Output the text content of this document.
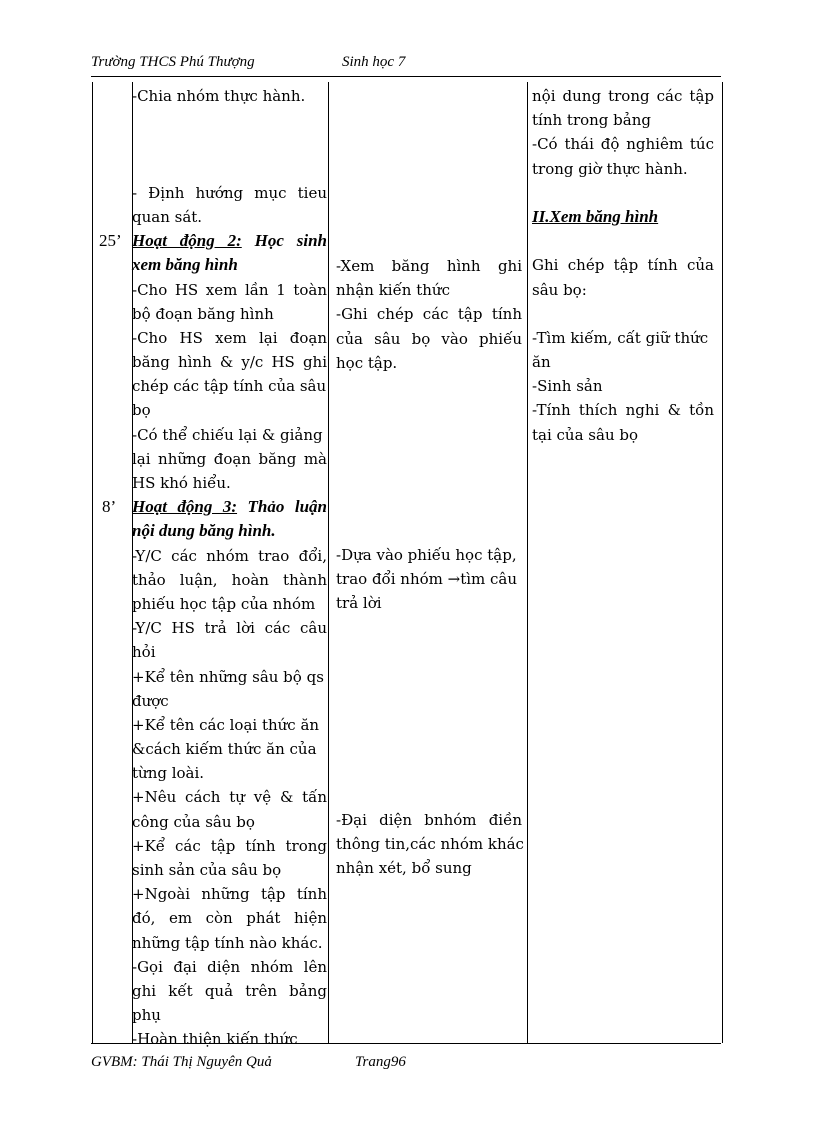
Trường THCS Phú Thượng	Sinh học 7
25’
8’
-Chia nhóm thực hành.
- Định hướng mục tieu
quan sát.
Hoạt động 2: Học sinh
xem băng hình
-Cho HS xem lần 1 toàn
bộ đoạn băng hình
-Cho HS xem lại đoạn
băng hình & y/c HS ghi
chép các tập tính của sâu
bọ
-Có thể chiếu lại & giảng
lại những đoạn băng mà
HS khó hiểu.
Hoạt động 3: Thảo luận
nội dung băng hình.
-Y/C các nhóm trao đổi,
thảo luận, hoàn thành
phiếu học tập của nhóm
-Y/C HS trả lời các câu
hỏi
+Kể tên những sâu bộ qs
được
+Kể tên các loại thức ăn
&cách kiếm thức ăn của
từng loài.
+Nêu cách tự vệ & tấn
công của sâu bọ
+Kể các tập tính trong
sinh sản của sâu bọ
+Ngoài những tập tính
đó, em còn phát hiện
những tập tính nào khác.
-Gọi đại diện nhóm lên
ghi kết quả trên bảng
phụ
-Hoàn thiện kiến thức
-Xem băng hình ghi
nhận kiến thức
-Ghi chép các tập tính
của sâu bọ vào phiếu
học tập.
-Dựa vào phiếu học tập,
trao đổi nhóm →tìm câu
trả lời
-Đại diện bnhóm điền
thông tin,các nhóm khác
nhận xét, bổ sung
nội dung trong các tập
tính trong bảng
-Có thái độ nghiêm túc
trong giờ thực hành.
II.Xem băng hình
Ghi chép tập tính của
sâu bọ:
-Tìm kiếm, cất giữ thức
ăn
-Sinh sản
-Tính thích nghi & tồn
tại của sâu bọ
GVBM: Thái Thị Nguyên Quả	Trang96
